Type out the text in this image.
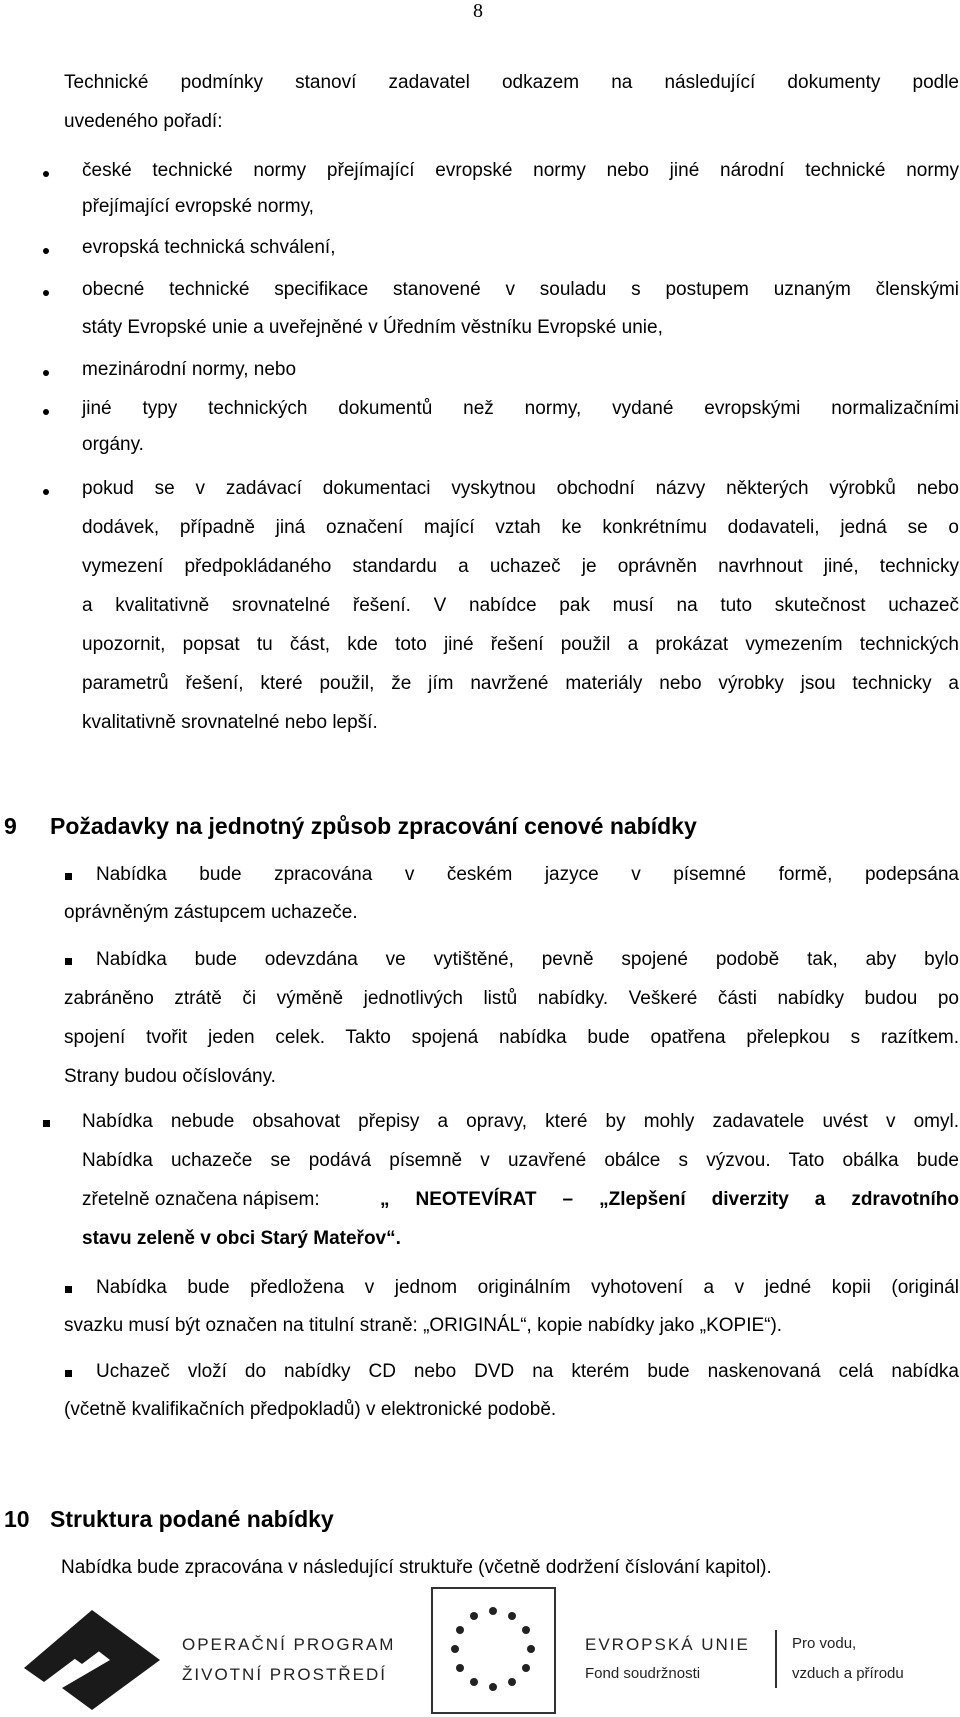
8
Technické podmínky stanoví zadavatel odkazem na následující dokumenty podle
uvedeného pořadí:
české technické normy přejímající evropské normy nebo jiné národní technické normy
přejímající evropské normy,
evropská technická schválení,
obecné technické specifikace stanovené v souladu s postupem uznaným členskými
státy Evropské unie a uveřejněné v Úředním věstníku Evropské unie,
mezinárodní normy, nebo
jiné typy technických dokumentů než normy, vydané evropskými normalizačními
orgány.
pokud se v zadávací dokumentaci vyskytnou obchodní názvy některých výrobků nebo
dodávek, případně jiná označení mající vztah ke konkrétnímu dodavateli, jedná se o
vymezení předpokládaného standardu a uchazeč je oprávněn navrhnout jiné, technicky
a kvalitativně srovnatelné řešení. V nabídce pak musí na tuto skutečnost uchazeč
upozornit, popsat tu část, kde toto jiné řešení použil a prokázat vymezením technických
parametrů řešení, které použil, že jím navržené materiály nebo výrobky jsou technicky a
kvalitativně srovnatelné nebo lepší.
9 Požadavky na jednotný způsob zpracování cenové nabídky
Nabídka bude zpracována v českém jazyce v písemné formě, podepsána
oprávněným zástupcem uchazeče.
Nabídka bude odevzdána ve vytištěné, pevně spojené podobě tak, aby bylo
zabráněno ztrátě či výměně jednotlivých listů nabídky. Veškeré části nabídky budou po
spojení tvořit jeden celek. Takto spojená nabídka bude opatřena přelepkou s razítkem.
Strany budou očíslovány.
Nabídka nebude obsahovat přepisy a opravy, které by mohly zadavatele uvést v omyl.
Nabídka uchazeče se podává písemně v uzavřené obálce s výzvou. Tato obálka bude
zřetelně označena nápisem:	„ NEOTEVÍRAT – „Zlepšení diverzity a zdravotního
stavu zeleně v obci Starý Mateřov“.
Nabídka bude předložena v jednom originálním vyhotovení a v jedné kopii (originál
svazku musí být označen na titulní straně: „ORIGINÁL“, kopie nabídky jako „KOPIE“).
Uchazeč vloží do nabídky CD nebo DVD na kterém bude naskenovaná celá nabídka
(včetně kvalifikačních předpokladů) v elektronické podobě.
10 Struktura podané nabídky
Nabídka bude zpracována v následující struktuře (včetně dodržení číslování kapitol).
OPERAČNÍ PROGRAM
ŽIVOTNÍ PROSTŘEDÍ
EVROPSKÁ UNIE
Fond soudržnosti
Pro vodu,
vzduch a přírodu
